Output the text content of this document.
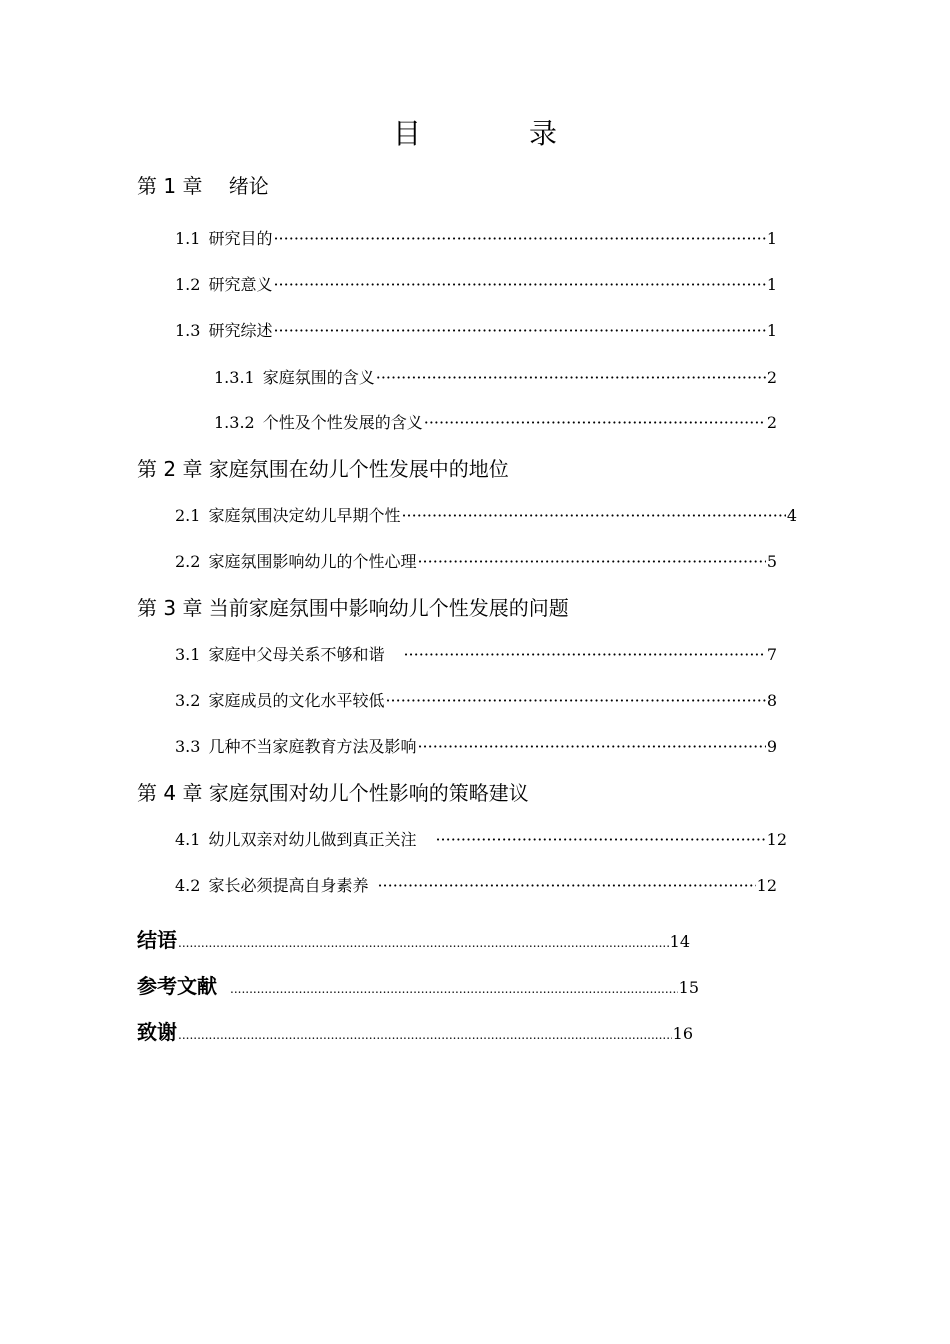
目　录
第 1 章　 绪论
1.1 研究目的 ·····	1
1.2 研究意义 ·····	1
1.3 研究综述 ·····	1
1.3.1 家庭氛围的含义 ·····	2
1.3.2 个性及个性发展的含义 ·····	2
第 2 章 家庭氛围在幼儿个性发展中的地位
2.1 家庭氛围决定幼儿早期个性 ·····	4
2.2 家庭氛围影响幼儿的个性心理 ·····	5
第 3 章 当前家庭氛围中影响幼儿个性发展的问题
3.1 家庭中父母关系不够和谐 ·····	7
3.2 家庭成员的文化水平较低 ·····	8
3.3 几种不当家庭教育方法及影响 ·····	9
第 4 章 家庭氛围对幼儿个性影响的策略建议
4.1 幼儿双亲对幼儿做到真正关注 ·····	12
4.2 家长必须提高自身素养 ·····	12
结语 .....	14
参考文献 .....	15
致谢 .....	16
